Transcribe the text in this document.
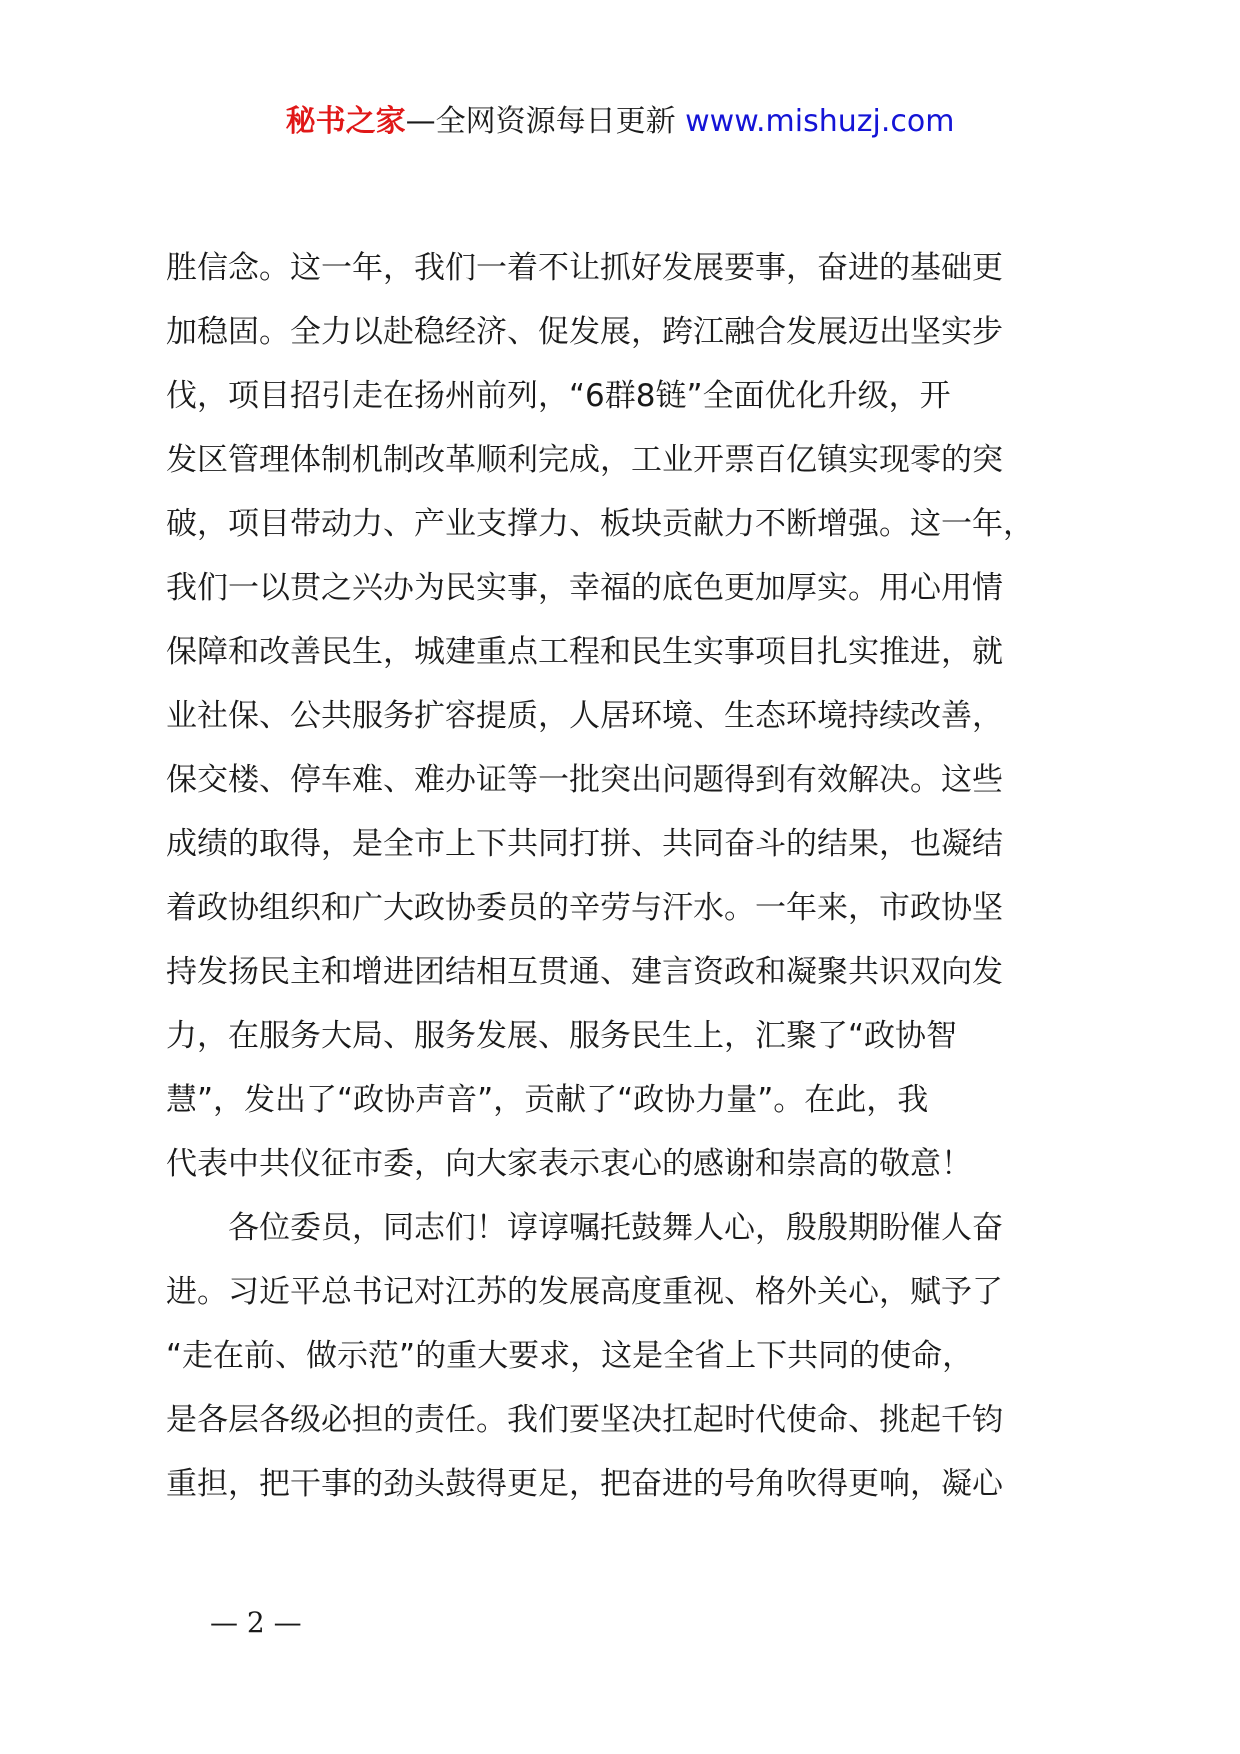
秘书之家—全网资源每日更新 www.mishuzj.com
胜信念。这一年，我们一着不让抓好发展要事，奋进的基础更
加稳固。全力以赴稳经济、促发展，跨江融合发展迈出坚实步
伐，项目招引走在扬州前列，“6群8链”全面优化升级，开
发区管理体制机制改革顺利完成，工业开票百亿镇实现零的突
破，项目带动力、产业支撑力、板块贡献力不断增强。这一年，
我们一以贯之兴办为民实事，幸福的底色更加厚实。用心用情
保障和改善民生，城建重点工程和民生实事项目扎实推进，就
业社保、公共服务扩容提质，人居环境、生态环境持续改善，
保交楼、停车难、难办证等一批突出问题得到有效解决。这些
成绩的取得，是全市上下共同打拼、共同奋斗的结果，也凝结
着政协组织和广大政协委员的辛劳与汗水。一年来，市政协坚
持发扬民主和增进团结相互贯通、建言资政和凝聚共识双向发
力，在服务大局、服务发展、服务民生上，汇聚了“政协智
慧”，发出了“政协声音”，贡献了“政协力量”。在此，我
代表中共仪征市委，向大家表示衷心的感谢和崇高的敬意！
各位委员，同志们！谆谆嘱托鼓舞人心，殷殷期盼催人奋
进。习近平总书记对江苏的发展高度重视、格外关心，赋予了
“走在前、做示范”的重大要求，这是全省上下共同的使命，
是各层各级必担的责任。我们要坚决扛起时代使命、挑起千钧
重担，把干事的劲头鼓得更足，把奋进的号角吹得更响，凝心
— 2 —
